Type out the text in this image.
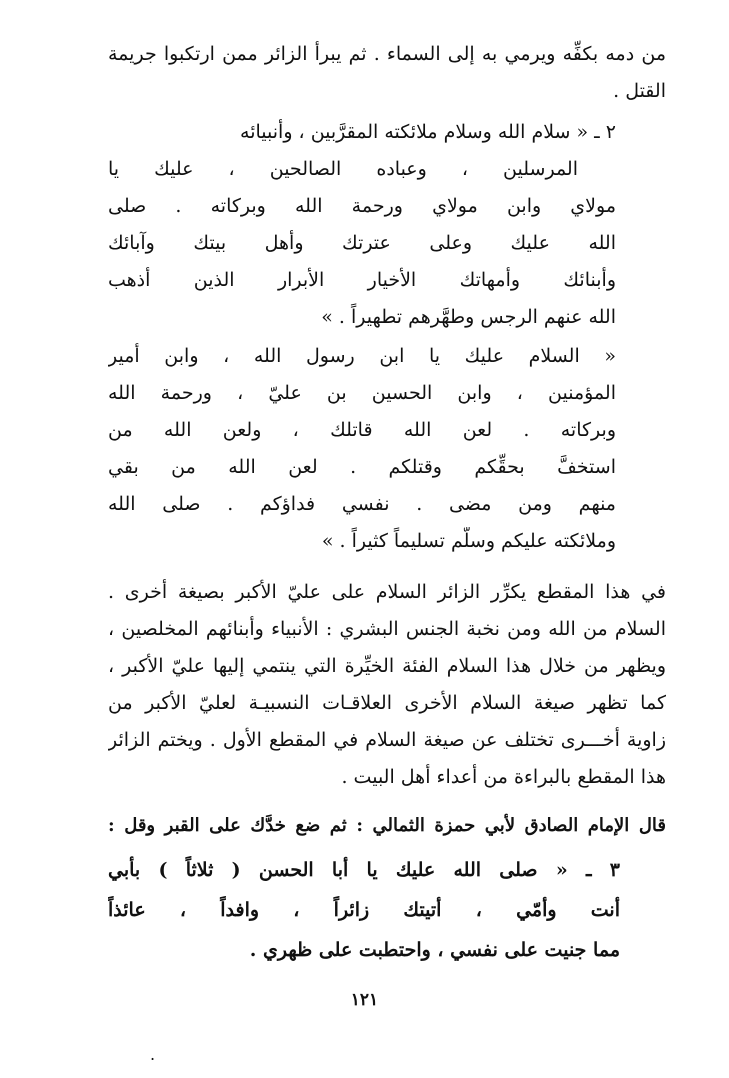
من دمه بكفِّه ويرمي به إلى السماء . ثم يبرأ الزائر ممن ارتكبوا جريمة
القتل .
٢ ـ « سلام الله وسلام ملائكته المقرَّبين ، وأنبيائه
المرسلين ، وعباده الصالحين ، عليك يا
مولاي وابن مولاي ورحمة الله وبركاته . صلى
الله عليك وعلى عترتك وأهل بيتك وآبائك
وأبنائك وأمهاتك الأخيار الأبرار الذين أذهب
الله عنهم الرجس وطهَّرهم تطهيراً . »
« السلام عليك يا ابن رسول الله ، وابن أمير
المؤمنين ، وابن الحسين بن عليّ ، ورحمة الله
وبركاته . لعن الله قاتلك ، ولعن الله من
استخفَّ بحقِّكم وقتلكم . لعن الله من بقي
منهم ومن مضى . نفسي فداؤكم . صلى الله
وملائكته عليكم وسلَّم تسليماً كثيراً . »
في هذا المقطع يكرِّر الزائر السلام على عليّ الأكبر بصيغة أخرى .
السلام من الله ومن نخبة الجنس البشري : الأنبياء وأبنائهم المخلصين ،
ويظهر من خلال هذا السلام الفئة الخيِّرة التي ينتمي إليها عليّ الأكبر ،
كما تظهر صيغة السلام الأخرى العلاقـات النسبيـة لعليّ الأكبر من
زاوية أخـــرى تختلف عن صيغة السلام في المقطع الأول . ويختم الزائر
هذا المقطع بالبراءة من أعداء أهل البيت .
قال الإمام الصادق لأبي حمزة الثمالي : ثم ضع خدَّك على القبر وقل :
٣ ـ « صلى الله عليك يا أبا الحسن ( ثلاثاً ) بأبي
أنت وأمّي ، أتيتك زائراً ، وافداً ، عائذاً
مما جنيت على نفسي ، واحتطبت على ظهري .
١٢١
.
